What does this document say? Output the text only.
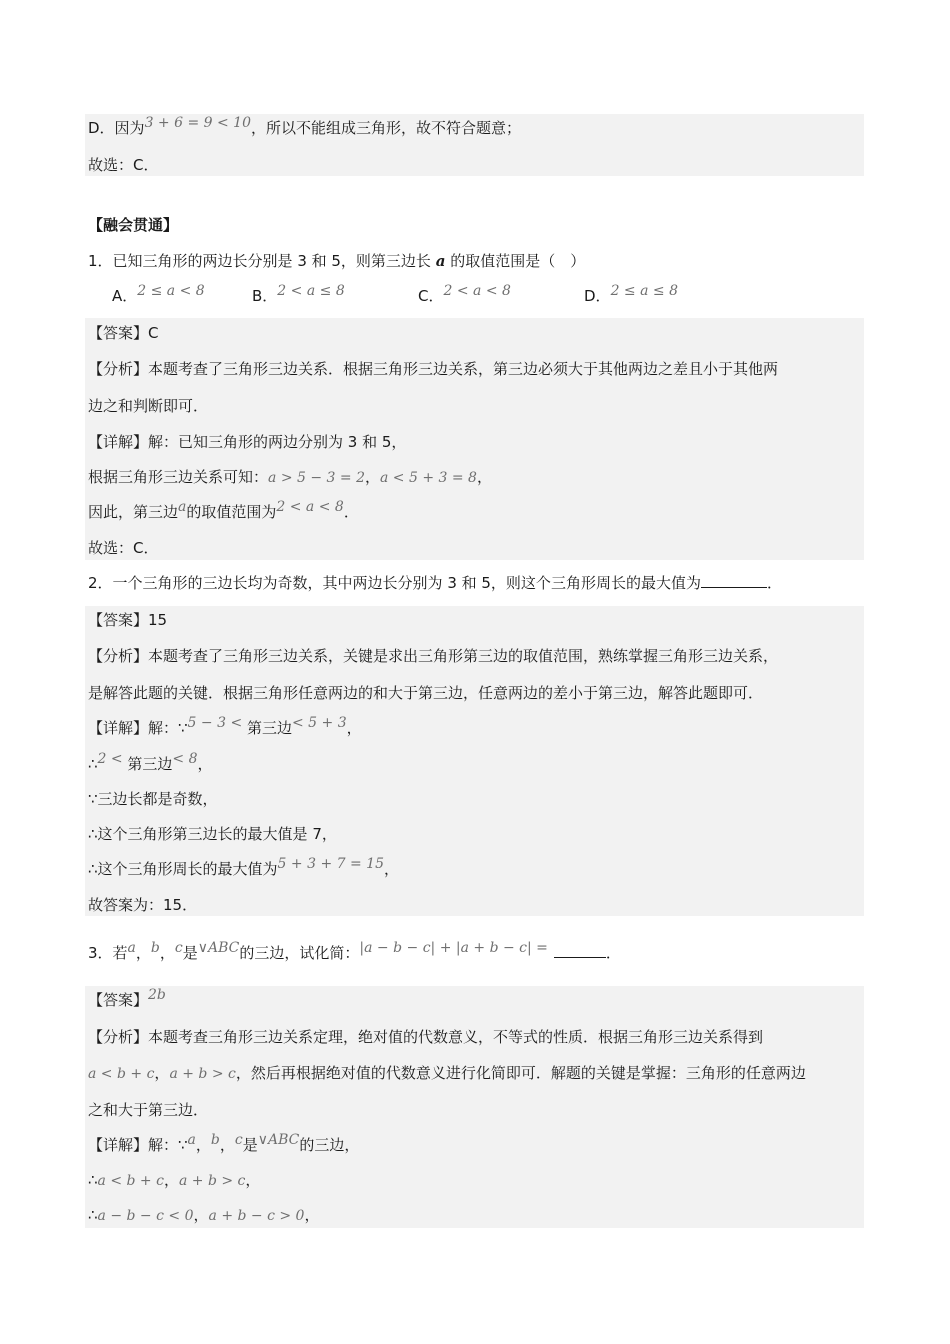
D．因为3 + 6 = 9 < 10，所以不能组成三角形，故不符合题意；
故选：C．
【融会贯通】
1．已知三角形的两边长分别是 3 和 5，则第三边长 a 的取值范围是（　）
A．2 ≤ a < 8	B．2 < a ≤ 8	C．2 < a < 8	D．2 ≤ a ≤ 8
【答案】C
【分析】本题考查了三角形三边关系．根据三角形三边关系，第三边必须大于其他两边之差且小于其他两
边之和判断即可．
【详解】解：已知三角形的两边分别为 3 和 5，
根据三角形三边关系可知：a > 5 − 3 = 2，a < 5 + 3 = 8，
因此，第三边a的取值范围为2 < a < 8．
故选：C．
2．一个三角形的三边长均为奇数，其中两边长分别为 3 和 5，则这个三角形周长的最大值为	．
【答案】15
【分析】本题考查了三角形三边关系，关键是求出三角形第三边的取值范围，熟练掌握三角形三边关系，
是解答此题的关键．根据三角形任意两边的和大于第三边，任意两边的差小于第三边，解答此题即可．
【详解】解：∵5 − 3 < 第三边< 5 + 3，
∴2 < 第三边< 8，
∵三边长都是奇数，
∴这个三角形第三边长的最大值是 7，
∴这个三角形周长的最大值为5 + 3 + 7 = 15，
故答案为：15．
3．若a，b，c是∨ABC的三边，试化简：|a − b − c| + |a + b − c| =	．
【答案】2b
【分析】本题考查三角形三边关系定理，绝对值的代数意义，不等式的性质．根据三角形三边关系得到
a < b + c，a + b > c，然后再根据绝对值的代数意义进行化简即可．解题的关键是掌握：三角形的任意两边
之和大于第三边．
【详解】解：∵a，b，c是∨ABC的三边，
∴a < b + c，a + b > c，
∴a − b − c < 0，a + b − c > 0，
